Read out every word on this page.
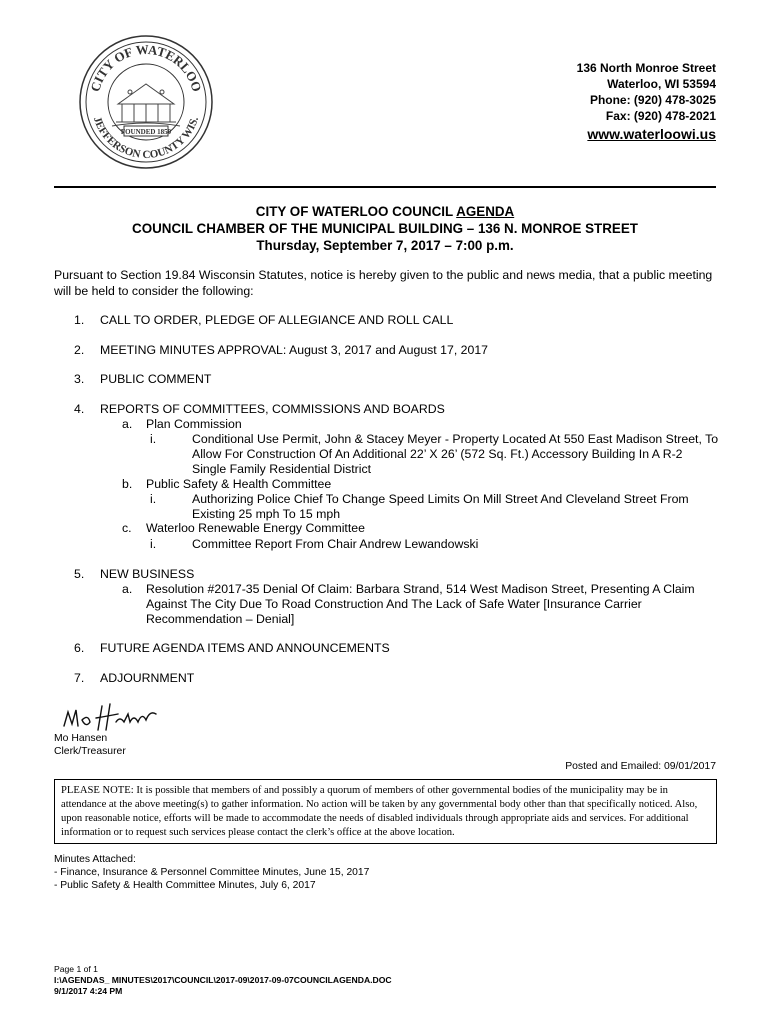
CITY OF WATERLOO
JEFFERSON COUNTY WIS.
FOUNDED 1859
136 North Monroe Street
Waterloo, WI 53594
Phone: (920) 478-3025
Fax: (920) 478-2021
www.waterloowi.us
CITY OF WATERLOO COUNCIL AGENDA
COUNCIL CHAMBER OF THE MUNICIPAL BUILDING – 136 N. MONROE STREET
Thursday, September 7, 2017 – 7:00 p.m.
Pursuant to Section 19.84 Wisconsin Statutes, notice is hereby given to the public and news media, that a public meeting will be held to consider the following:
1. CALL TO ORDER, PLEDGE OF ALLEGIANCE AND ROLL CALL
2. MEETING MINUTES APPROVAL: August 3, 2017 and August 17, 2017
3. PUBLIC COMMENT
4. REPORTS OF COMMITTEES, COMMISSIONS AND BOARDS
a. Plan Commission
i.	Conditional Use Permit, John & Stacey Meyer - Property Located At 550 East Madison Street, To Allow For Construction Of An Additional 22’ X 26’ (572 Sq. Ft.) Accessory Building In A R-2 Single Family Residential District
b. Public Safety & Health Committee
i.	Authorizing Police Chief To Change Speed Limits On Mill Street And Cleveland Street From Existing 25 mph To 15 mph
c. Waterloo Renewable Energy Committee
i.	Committee Report From Chair Andrew Lewandowski
5. NEW BUSINESS
a.	Resolution #2017-35 Denial Of Claim: Barbara Strand, 514 West Madison Street, Presenting A Claim Against The City Due To Road Construction And The Lack of Safe Water [Insurance Carrier Recommendation – Denial]
6. FUTURE AGENDA ITEMS AND ANNOUNCEMENTS
7. ADJOURNMENT
Mo Hansen
Clerk/Treasurer
Posted and Emailed: 09/01/2017
PLEASE NOTE: It is possible that members of and possibly a quorum of members of other governmental bodies of the municipality may be in attendance at the above meeting(s) to gather information. No action will be taken by any governmental body other than that specifically noticed. Also, upon reasonable notice, efforts will be made to accommodate the needs of disabled individuals through appropriate aids and services. For additional information or to request such services please contact the clerk’s office at the above location.
Minutes Attached:
- Finance, Insurance & Personnel Committee Minutes, June 15, 2017
- Public Safety & Health Committee Minutes, July 6, 2017
Page 1 of 1
I:\AGENDAS_ MINUTES\2017\COUNCIL\2017-09\2017-09-07COUNCILAGENDA.DOC
9/1/2017 4:24 PM
